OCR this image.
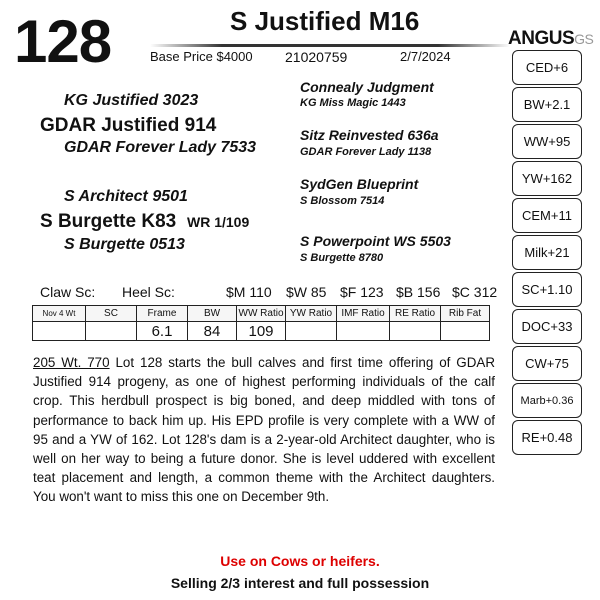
128	S Justified M16
Base Price $4000 21020759	2/7/2024
KG Justified 3023
GDAR Justified 914
GDAR Forever Lady 7533
S Architect 9501
S Burgette K83 WR 1/109
S Burgette 0513
Connealy Judgment
KG Miss Magic 1443
Sitz Reinvested 636a
GDAR Forever Lady 1138
SydGen Blueprint
S Blossom 7514
S Powerpoint WS 5503
S Burgette 8780
ANGUSGS
CED+6
BW+2.1
WW+95
YW+162
CEM+11
Milk+21
SC+1.10
DOC+33
CW+75
Marb+0.36
RE+0.48
Claw Sc: Heel Sc:	$M 110 $W 85 $F 123 $B 156 $C 312
Nov 4 Wt	SC	Frame	BW	WW Ratio	YW Ratio	IMF Ratio	RE Ratio	Rib Fat
		6.1	84	109				
205 Wt. 770 Lot 128 starts the bull calves and first time offering of GDAR Justified 914 progeny, as one of highest performing individuals of the calf crop. This herdbull prospect is big boned, and deep middled with tons of performance to back him up. His EPD profile is very complete with a WW of 95 and a YW of 162. Lot 128's dam is a 2-year-old Architect daughter, who is well on her way to being a future donor. She is level uddered with excellent teat placement and length, a common theme with the Architect daughters. You won't want to miss this one on December 9th.
Use on Cows or heifers.
Selling 2/3 interest and full possession
